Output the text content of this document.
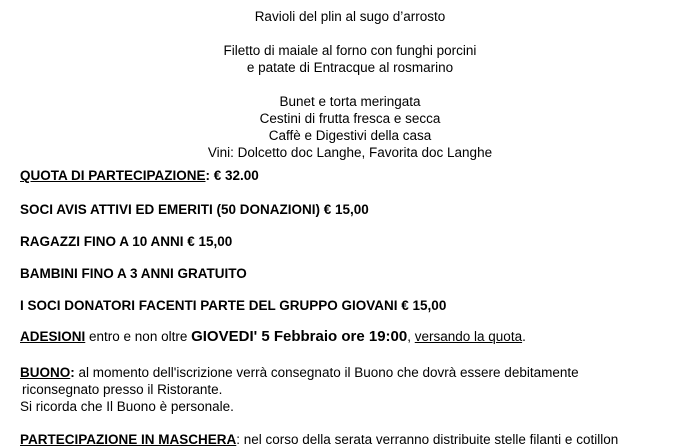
Ravioli del plin al sugo d’arrosto
Filetto di maiale al forno con funghi porcini
e patate di Entracque al rosmarino
Bunet e torta meringata
Cestini di frutta fresca e secca
Caffè e Digestivi della casa
Vini: Dolcetto doc Langhe, Favorita doc Langhe
QUOTA DI PARTECIPAZIONE: € 32.00
SOCI AVIS ATTIVI ED EMERITI (50 DONAZIONI) € 15,00
RAGAZZI FINO A 10 ANNI € 15,00
BAMBINI FINO A 3 ANNI GRATUITO
I SOCI DONATORI FACENTI PARTE DEL GRUPPO GIOVANI € 15,00
ADESIONI entro e non oltre GIOVEDI' 5 Febbraio ore 19:00, versando la quota.
BUONO: al momento dell'iscrizione verrà consegnato il Buono che dovrà essere debitamente
riconsegnato presso il Ristorante.
Si ricorda che Il Buono è personale.
PARTECIPAZIONE IN MASCHERA: nel corso della serata verranno distribuite stelle filanti e cotillon
